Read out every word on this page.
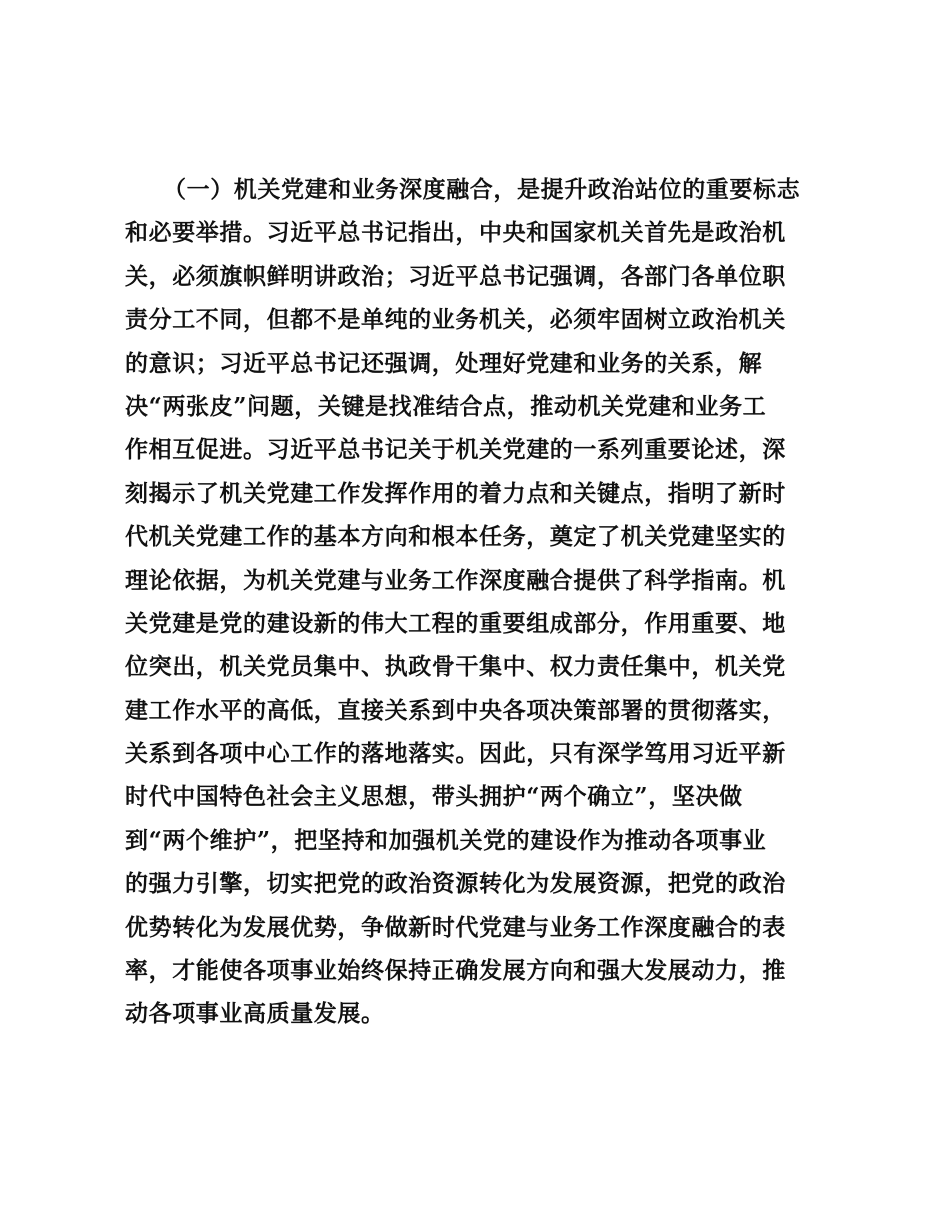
（一）机关党建和业务深度融合，是提升政治站位的重要标志
和必要举措。习近平总书记指出，中央和国家机关首先是政治机
关，必须旗帜鲜明讲政治；习近平总书记强调，各部门各单位职
责分工不同，但都不是单纯的业务机关，必须牢固树立政治机关
的意识；习近平总书记还强调，处理好党建和业务的关系，解
决“两张皮”问题，关键是找准结合点，推动机关党建和业务工
作相互促进。习近平总书记关于机关党建的一系列重要论述，深
刻揭示了机关党建工作发挥作用的着力点和关键点，指明了新时
代机关党建工作的基本方向和根本任务，奠定了机关党建坚实的
理论依据，为机关党建与业务工作深度融合提供了科学指南。机
关党建是党的建设新的伟大工程的重要组成部分，作用重要、地
位突出，机关党员集中、执政骨干集中、权力责任集中，机关党
建工作水平的高低，直接关系到中央各项决策部署的贯彻落实，
关系到各项中心工作的落地落实。因此，只有深学笃用习近平新
时代中国特色社会主义思想，带头拥护“两个确立”，坚决做
到“两个维护”，把坚持和加强机关党的建设作为推动各项事业
的强力引擎，切实把党的政治资源转化为发展资源，把党的政治
优势转化为发展优势，争做新时代党建与业务工作深度融合的表
率，才能使各项事业始终保持正确发展方向和强大发展动力，推
动各项事业高质量发展。
